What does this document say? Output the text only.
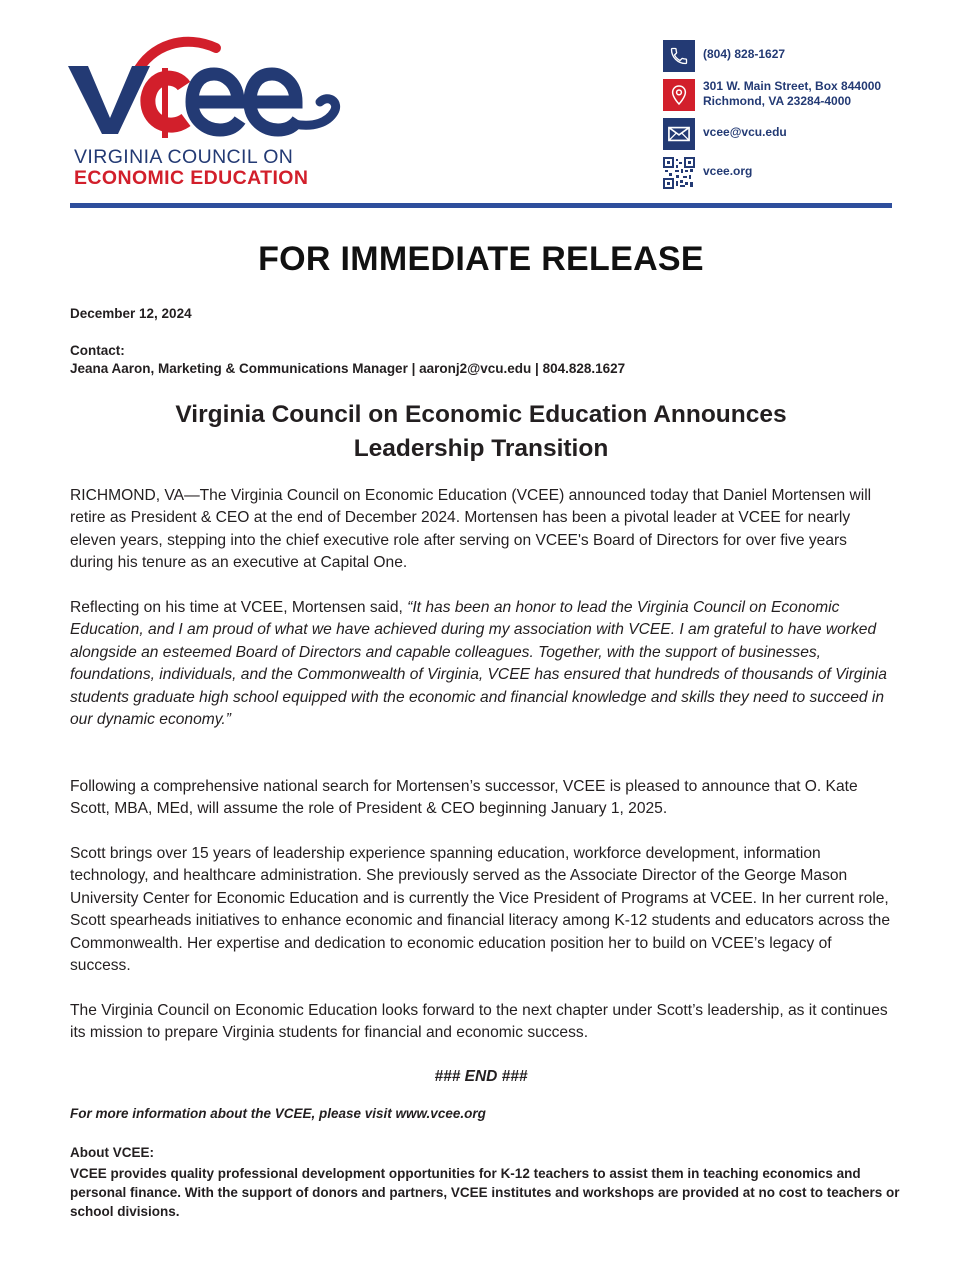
VIRGINIA COUNCIL ON
ECONOMIC EDUCATION
(804) 828-1627
301 W. Main Street, Box 844000
Richmond, VA 23284-4000
vcee@vcu.edu
vcee.org
FOR IMMEDIATE RELEASE
December 12, 2024
Contact:
Jeana Aaron, Marketing & Communications Manager | aaronj2@vcu.edu | 804.828.1627
Virginia Council on Economic Education Announces
Leadership Transition
RICHMOND, VA—The Virginia Council on Economic Education (VCEE) announced today that Daniel Mortensen will retire as President & CEO at the end of December 2024. Mortensen has been a pivotal leader at VCEE for nearly eleven years, stepping into the chief executive role after serving on VCEE's Board of Directors for over five years during his tenure as an executive at Capital One.
Reflecting on his time at VCEE, Mortensen said, “It has been an honor to lead the Virginia Council on Economic Education, and I am proud of what we have achieved during my association with VCEE. I am grateful to have worked alongside an esteemed Board of Directors and capable colleagues. Together, with the support of businesses, foundations, individuals, and the Commonwealth of Virginia, VCEE has ensured that hundreds of thousands of Virginia students graduate high school equipped with the economic and financial knowledge and skills they need to succeed in our dynamic economy.”
Following a comprehensive national search for Mortensen’s successor, VCEE is pleased to announce that O. Kate Scott, MBA, MEd, will assume the role of President & CEO beginning January 1, 2025.
Scott brings over 15 years of leadership experience spanning education, workforce development, information technology, and healthcare administration. She previously served as the Associate Director of the George Mason University Center for Economic Education and is currently the Vice President of Programs at VCEE. In her current role, Scott spearheads initiatives to enhance economic and financial literacy among K-12 students and educators across the Commonwealth. Her expertise and dedication to economic education position her to build on VCEE’s legacy of success.
The Virginia Council on Economic Education looks forward to the next chapter under Scott’s leadership, as it continues its mission to prepare Virginia students for financial and economic success.
### END ###
For more information about the VCEE, please visit www.vcee.org
About VCEE:
VCEE provides quality professional development opportunities for K-12 teachers to assist them in teaching economics and personal finance. With the support of donors and partners, VCEE institutes and workshops are provided at no cost to teachers or school divisions.
